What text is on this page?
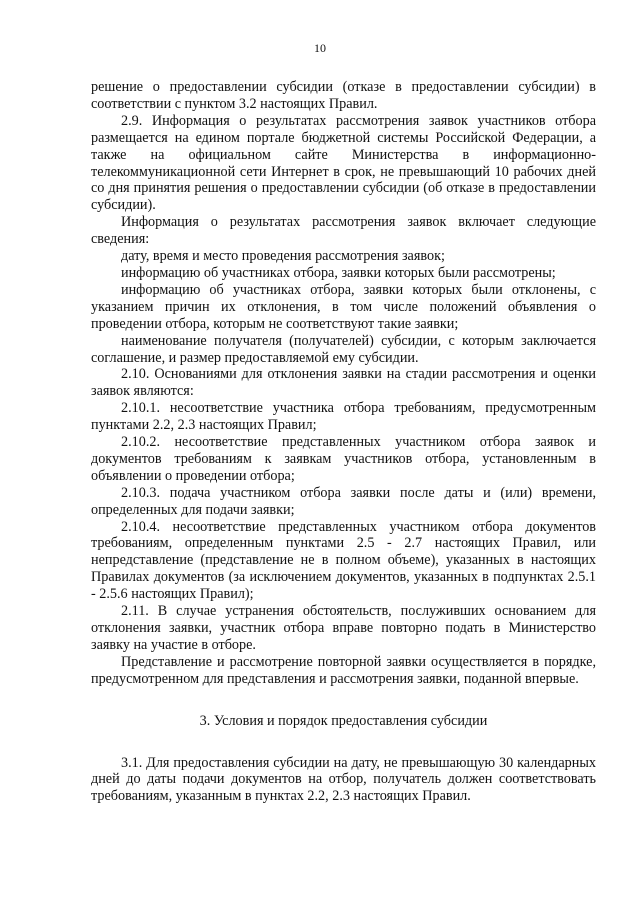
10

решение о предоставлении субсидии (отказе в предоставлении субсидии) в соответствии с пунктом 3.2 настоящих Правил.

2.9. Информация о результатах рассмотрения заявок участников отбора размещается на едином портале бюджетной системы Российской Федерации, а также на официальном сайте Министерства в информационно-телекоммуникационной сети Интернет в срок, не превышающий 10 рабочих дней со дня принятия решения о предоставлении субсидии (об отказе в предоставлении субсидии).

Информация о результатах рассмотрения заявок включает следующие сведения:

дату, время и место проведения рассмотрения заявок;

информацию об участниках отбора, заявки которых были рассмотрены;

информацию об участниках отбора, заявки которых были отклонены, с указанием причин их отклонения, в том числе положений объявления о проведении отбора, которым не соответствуют такие заявки;

наименование получателя (получателей) субсидии, с которым заключается соглашение, и размер предоставляемой ему субсидии.

2.10. Основаниями для отклонения заявки на стадии рассмотрения и оценки заявок являются:

2.10.1. несоответствие участника отбора требованиям, предусмотренным пунктами 2.2, 2.3 настоящих Правил;

2.10.2. несоответствие представленных участником отбора заявок и документов требованиям к заявкам участников отбора, установленным в объявлении о проведении отбора;

2.10.3. подача участником отбора заявки после даты и (или) времени, определенных для подачи заявки;

2.10.4. несоответствие представленных участником отбора документов требованиям, определенным пунктами 2.5 - 2.7 настоящих Правил, или непредставление (представление не в полном объеме), указанных в настоящих Правилах документов (за исключением документов, указанных в подпунктах 2.5.1 - 2.5.6 настоящих Правил);

2.11. В случае устранения обстоятельств, послуживших основанием для отклонения заявки, участник отбора вправе повторно подать в Министерство заявку на участие в отборе.

Представление и рассмотрение повторной заявки осуществляется в порядке, предусмотренном для представления и рассмотрения заявки, поданной впервые.

3. Условия и порядок предоставления субсидии

3.1. Для предоставления субсидии на дату, не превышающую 30 календарных дней до даты подачи документов на отбор, получатель должен соответствовать требованиям, указанным в пунктах 2.2, 2.3 настоящих Правил.
